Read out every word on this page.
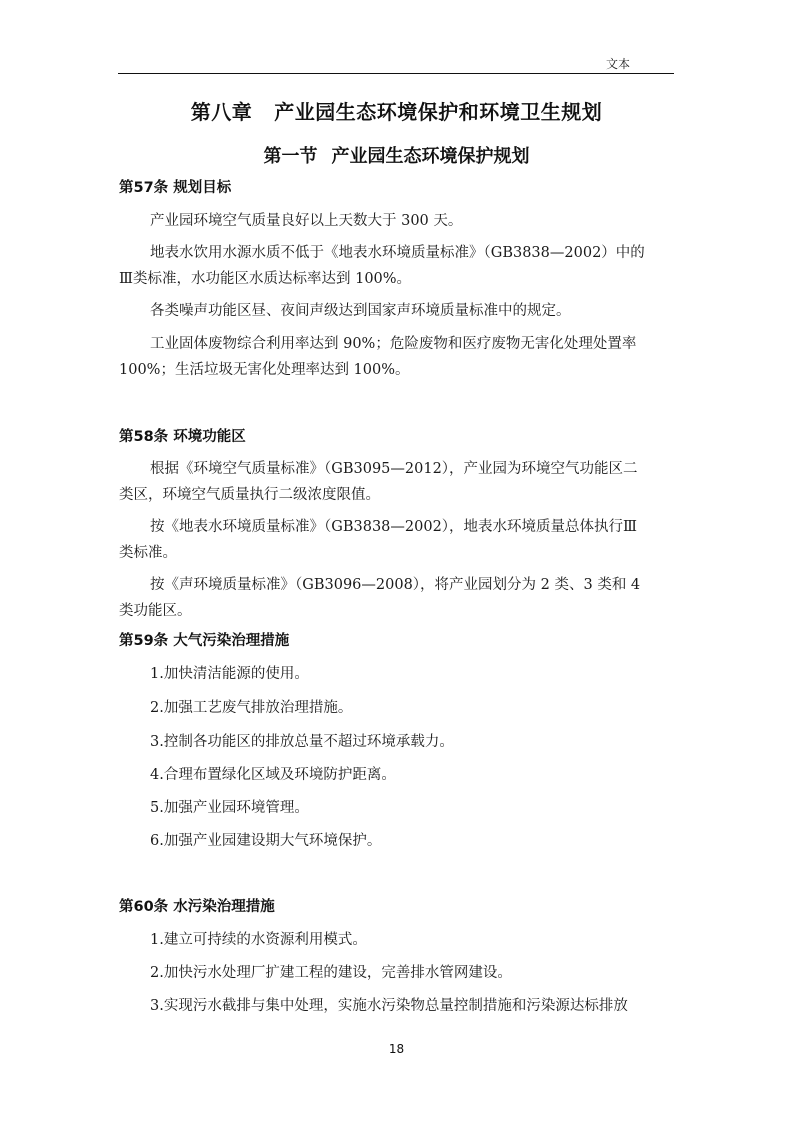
文本
第八章 产业园生态环境保护和环境卫生规划
第一节 产业园生态环境保护规划
第57条 规划目标
产业园环境空气质量良好以上天数大于 300 天。
地表水饮用水源水质不低于《地表水环境质量标准》（GB3838—2002）中的
Ⅲ类标准，水功能区水质达标率达到 100%。
各类噪声功能区昼、夜间声级达到国家声环境质量标准中的规定。
工业固体废物综合利用率达到 90%；危险废物和医疗废物无害化处理处置率
100%；生活垃圾无害化处理率达到 100%。
第58条 环境功能区
根据《环境空气质量标准》（GB3095—2012），产业园为环境空气功能区二
类区，环境空气质量执行二级浓度限值。
按《地表水环境质量标准》（GB3838—2002），地表水环境质量总体执行Ⅲ
类标准。
按《声环境质量标准》（GB3096—2008），将产业园划分为 2 类、3 类和 4
类功能区。
第59条 大气污染治理措施
1.加快清洁能源的使用。
2.加强工艺废气排放治理措施。
3.控制各功能区的排放总量不超过环境承载力。
4.合理布置绿化区域及环境防护距离。
5.加强产业园环境管理。
6.加强产业园建设期大气环境保护。
第60条 水污染治理措施
1.建立可持续的水资源利用模式。
2.加快污水处理厂扩建工程的建设，完善排水管网建设。
3.实现污水截排与集中处理，实施水污染物总量控制措施和污染源达标排放
18
